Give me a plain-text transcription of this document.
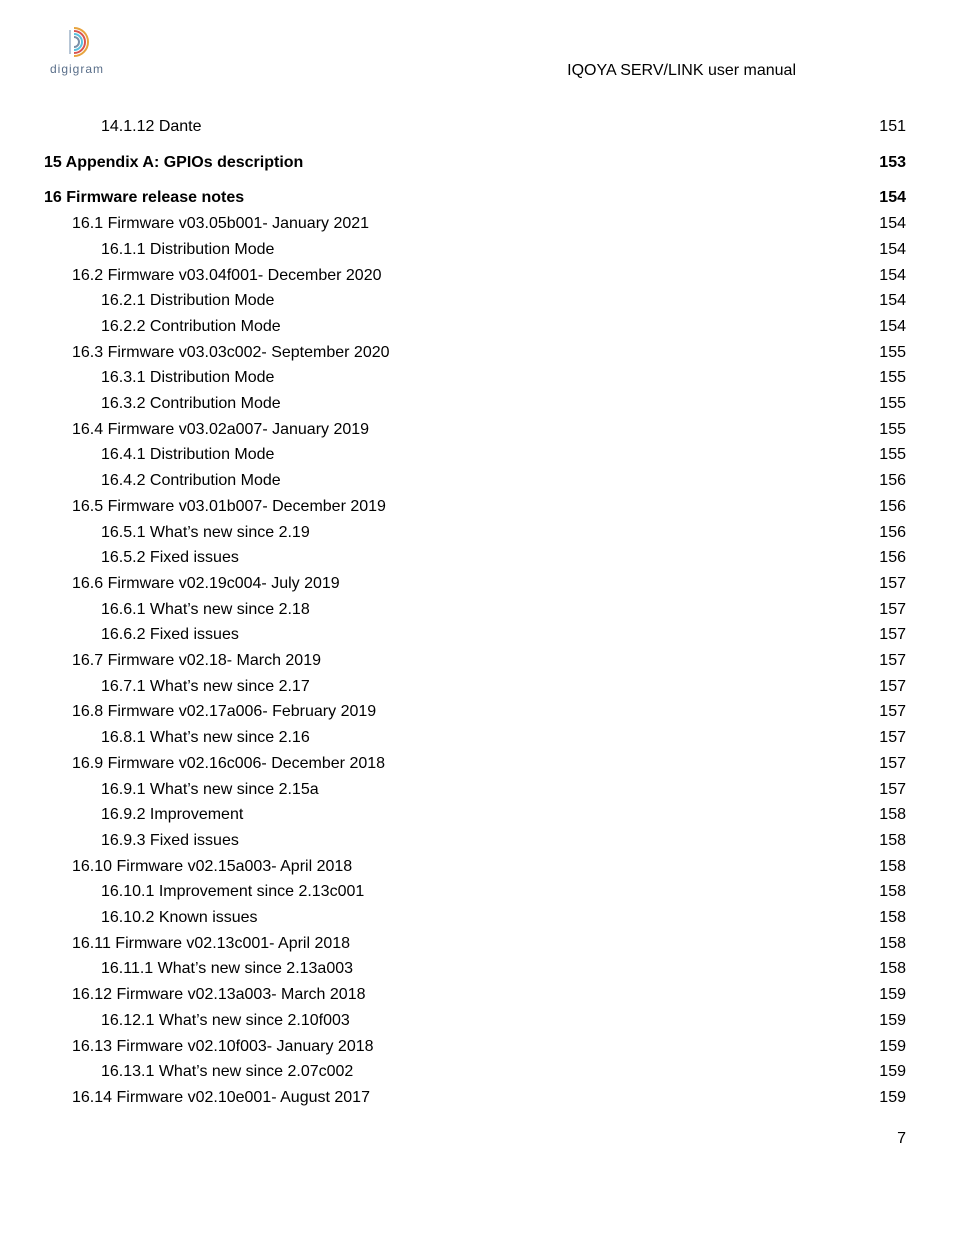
digigram	IQOYA SERV/LINK user manual
14.1.12 Dante	151
15 Appendix A: GPIOs description	153
16 Firmware release notes	154
16.1 Firmware v03.05b001- January 2021	154
16.1.1 Distribution Mode	154
16.2 Firmware v03.04f001- December 2020	154
16.2.1 Distribution Mode	154
16.2.2 Contribution Mode	154
16.3 Firmware v03.03c002- September 2020	155
16.3.1 Distribution Mode	155
16.3.2 Contribution Mode	155
16.4 Firmware v03.02a007- January 2019	155
16.4.1 Distribution Mode	155
16.4.2 Contribution Mode	156
16.5 Firmware v03.01b007- December 2019	156
16.5.1 What’s new since 2.19	156
16.5.2 Fixed issues	156
16.6 Firmware v02.19c004- July 2019	157
16.6.1 What’s new since 2.18	157
16.6.2 Fixed issues	157
16.7 Firmware v02.18- March 2019	157
16.7.1 What’s new since 2.17	157
16.8 Firmware v02.17a006- February 2019	157
16.8.1 What’s new since 2.16	157
16.9 Firmware v02.16c006- December 2018	157
16.9.1 What’s new since 2.15a	157
16.9.2 Improvement	158
16.9.3 Fixed issues	158
16.10 Firmware v02.15a003- April 2018	158
16.10.1 Improvement since 2.13c001	158
16.10.2 Known issues	158
16.11 Firmware v02.13c001- April 2018	158
16.11.1 What’s new since 2.13a003	158
16.12 Firmware v02.13a003- March 2018	159
16.12.1 What’s new since 2.10f003	159
16.13 Firmware v02.10f003- January 2018	159
16.13.1 What’s new since 2.07c002	159
16.14 Firmware v02.10e001- August 2017	159
7
